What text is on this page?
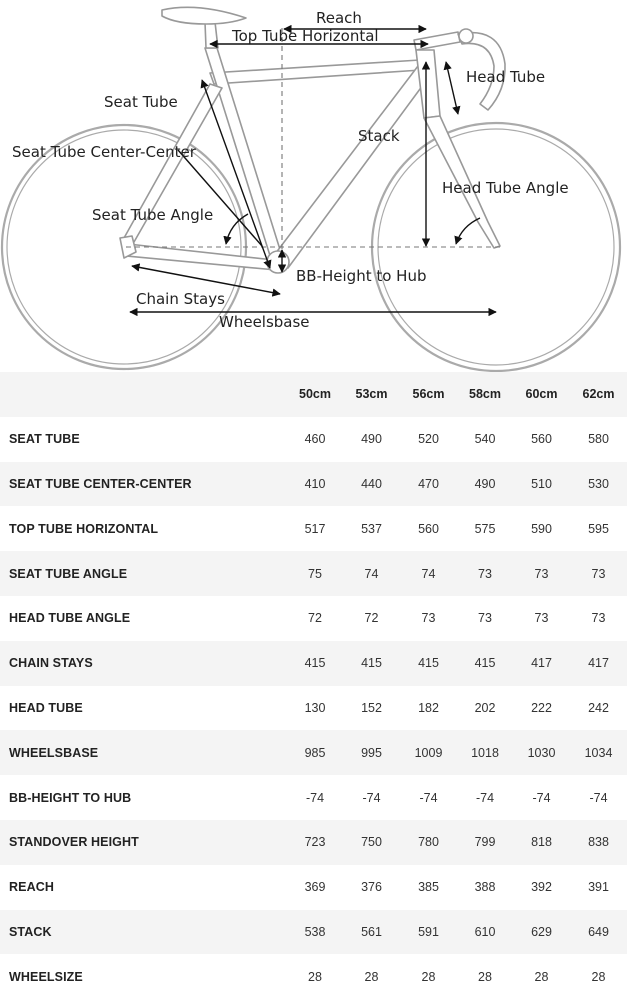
Reach
Top Tube Horizontal
Head Tube
Seat Tube
Stack
Seat Tube Center-Center
Head Tube Angle
Seat Tube Angle
BB-Height to Hub
Chain Stays
Wheelsbase
	50cm	53cm	56cm	58cm	60cm	62cm
SEAT TUBE	460	490	520	540	560	580
SEAT TUBE CENTER-CENTER	410	440	470	490	510	530
TOP TUBE HORIZONTAL	517	537	560	575	590	595
SEAT TUBE ANGLE	75	74	74	73	73	73
HEAD TUBE ANGLE	72	72	73	73	73	73
CHAIN STAYS	415	415	415	415	417	417
HEAD TUBE	130	152	182	202	222	242
WHEELSBASE	985	995	1009	1018	1030	1034
BB-HEIGHT TO HUB	-74	-74	-74	-74	-74	-74
STANDOVER HEIGHT	723	750	780	799	818	838
REACH	369	376	385	388	392	391
STACK	538	561	591	610	629	649
WHEELSIZE	28	28	28	28	28	28
